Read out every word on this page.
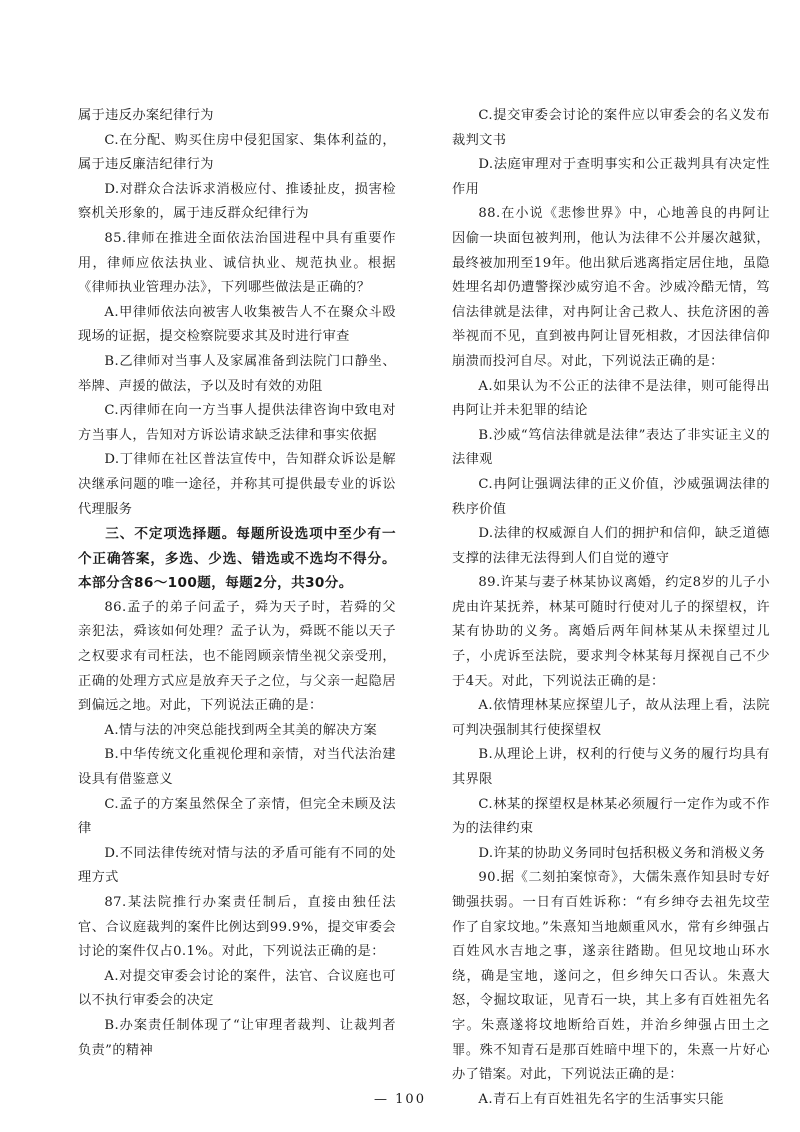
属于违反办案纪律行为

C.在分配、购买住房中侵犯国家、集体利益的，属于违反廉洁纪律行为

D.对群众合法诉求消极应付、推诿扯皮，损害检察机关形象的，属于违反群众纪律行为

85.律师在推进全面依法治国进程中具有重要作用，律师应依法执业、诚信执业、规范执业。根据《律师执业管理办法》，下列哪些做法是正确的？

A.甲律师依法向被害人收集被告人不在聚众斗殴现场的证据，提交检察院要求其及时进行审查

B.乙律师对当事人及家属准备到法院门口静坐、举牌、声援的做法，予以及时有效的劝阻

C.丙律师在向一方当事人提供法律咨询中致电对方当事人，告知对方诉讼请求缺乏法律和事实依据

D.丁律师在社区普法宣传中，告知群众诉讼是解决继承问题的唯一途径，并称其可提供最专业的诉讼代理服务

三、不定项选择题。每题所设选项中至少有一个正确答案，多选、少选、错选或不选均不得分。本部分含86～100题，每题2分，共30分。

86.孟子的弟子问孟子，舜为天子时，若舜的父亲犯法，舜该如何处理？孟子认为，舜既不能以天子之权要求有司枉法，也不能罔顾亲情坐视父亲受刑，正确的处理方式应是放弃天子之位，与父亲一起隐居到偏远之地。对此，下列说法正确的是：

A.情与法的冲突总能找到两全其美的解决方案

B.中华传统文化重视伦理和亲情，对当代法治建设具有借鉴意义

C.孟子的方案虽然保全了亲情，但完全未顾及法律

D.不同法律传统对情与法的矛盾可能有不同的处理方式

87.某法院推行办案责任制后，直接由独任法官、合议庭裁判的案件比例达到99.9%，提交审委会讨论的案件仅占0.1%。对此，下列说法正确的是：

A.对提交审委会讨论的案件，法官、合议庭也可以不执行审委会的决定

B.办案责任制体现了“让审理者裁判、让裁判者负责”的精神

C.提交审委会讨论的案件应以审委会的名义发布裁判文书

D.法庭审理对于查明事实和公正裁判具有决定性作用

88.在小说《悲惨世界》中，心地善良的冉阿让因偷一块面包被判刑，他认为法律不公并屡次越狱，最终被加刑至19年。他出狱后逃离指定居住地，虽隐姓埋名却仍遭警探沙威穷追不舍。沙威冷酷无情，笃信法律就是法律，对冉阿让舍己救人、扶危济困的善举视而不见，直到被冉阿让冒死相救，才因法律信仰崩溃而投河自尽。对此，下列说法正确的是：

A.如果认为不公正的法律不是法律，则可能得出冉阿让并未犯罪的结论

B.沙威“笃信法律就是法律”表达了非实证主义的法律观

C.冉阿让强调法律的正义价值，沙威强调法律的秩序价值

D.法律的权威源自人们的拥护和信仰，缺乏道德支撑的法律无法得到人们自觉的遵守

89.许某与妻子林某协议离婚，约定8岁的儿子小虎由许某抚养，林某可随时行使对儿子的探望权，许某有协助的义务。离婚后两年间林某从未探望过儿子，小虎诉至法院，要求判令林某每月探视自己不少于4天。对此，下列说法正确的是：

A.依情理林某应探望儿子，故从法理上看，法院可判决强制其行使探望权

B.从理论上讲，权利的行使与义务的履行均具有其界限

C.林某的探望权是林某必须履行一定作为或不作为的法律约束

D.许某的协助义务同时包括积极义务和消极义务

90.据《二刻拍案惊奇》，大儒朱熹作知县时专好锄强扶弱。一日有百姓诉称：“有乡绅夺去祖先坟茔作了自家坟地。”朱熹知当地颇重风水，常有乡绅强占百姓风水吉地之事，遂亲往踏勘。但见坟地山环水绕，确是宝地，遂问之，但乡绅矢口否认。朱熹大怒，令掘坟取证，见青石一块，其上多有百姓祖先名字。朱熹遂将坟地断给百姓，并治乡绅强占田土之罪。殊不知青石是那百姓暗中埋下的，朱熹一片好心办了错案。对此，下列说法正确的是：

A.青石上有百姓祖先名字的生活事实只能

— 100
